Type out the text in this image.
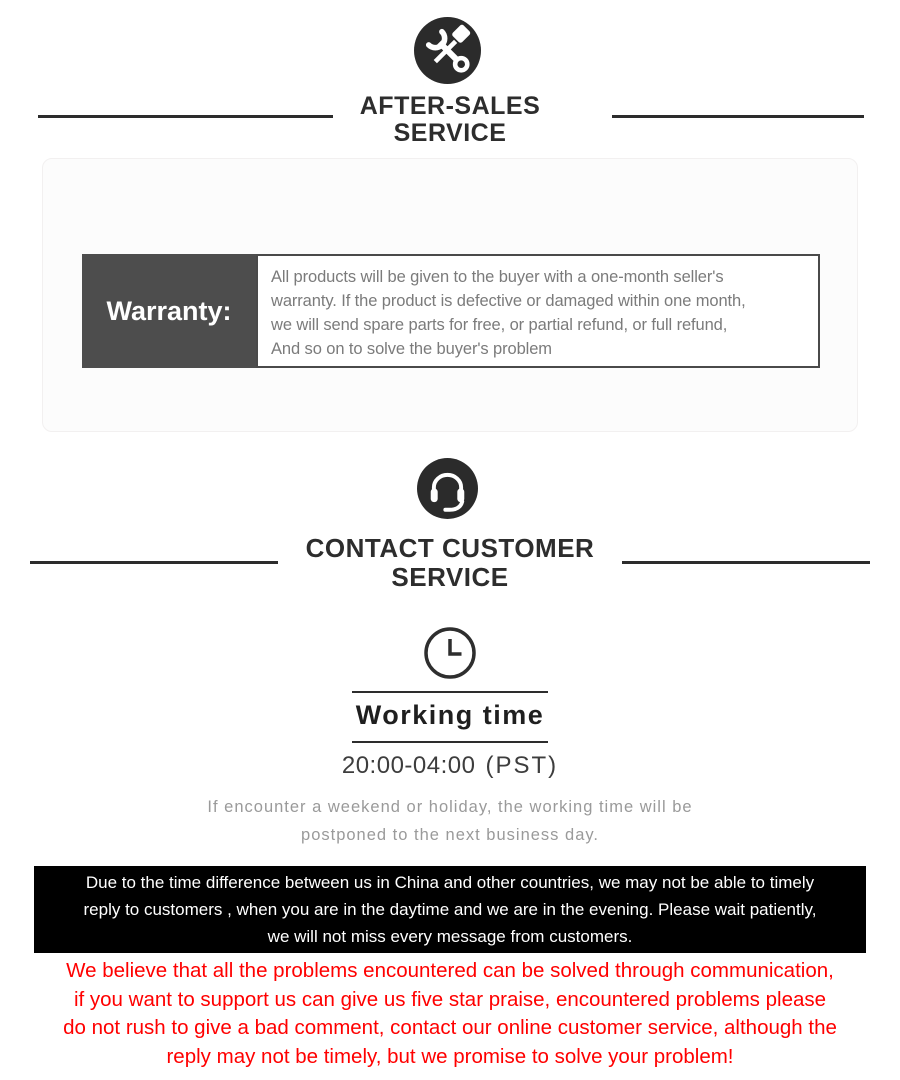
AFTER-SALES
SERVICE
Warranty:
All products will be given to the buyer with a one-month seller's
warranty. If the product is defective or damaged within one month,
we will send spare parts for free, or partial refund, or full refund,
And so on to solve the buyer's problem
CONTACT CUSTOMER
SERVICE
Working time
20:00-04:00 (PST)
If encounter a weekend or holiday, the working time will be
postponed to the next business day.
Due to the time difference between us in China and other countries, we may not be able to timely
reply to customers , when you are in the daytime and we are in the evening. Please wait patiently,
we will not miss every message from customers.
We believe that all the problems encountered can be solved through communication,
if you want to support us can give us five star praise, encountered problems please
do not rush to give a bad comment, contact our online customer service, although the
reply may not be timely, but we promise to solve your problem!
